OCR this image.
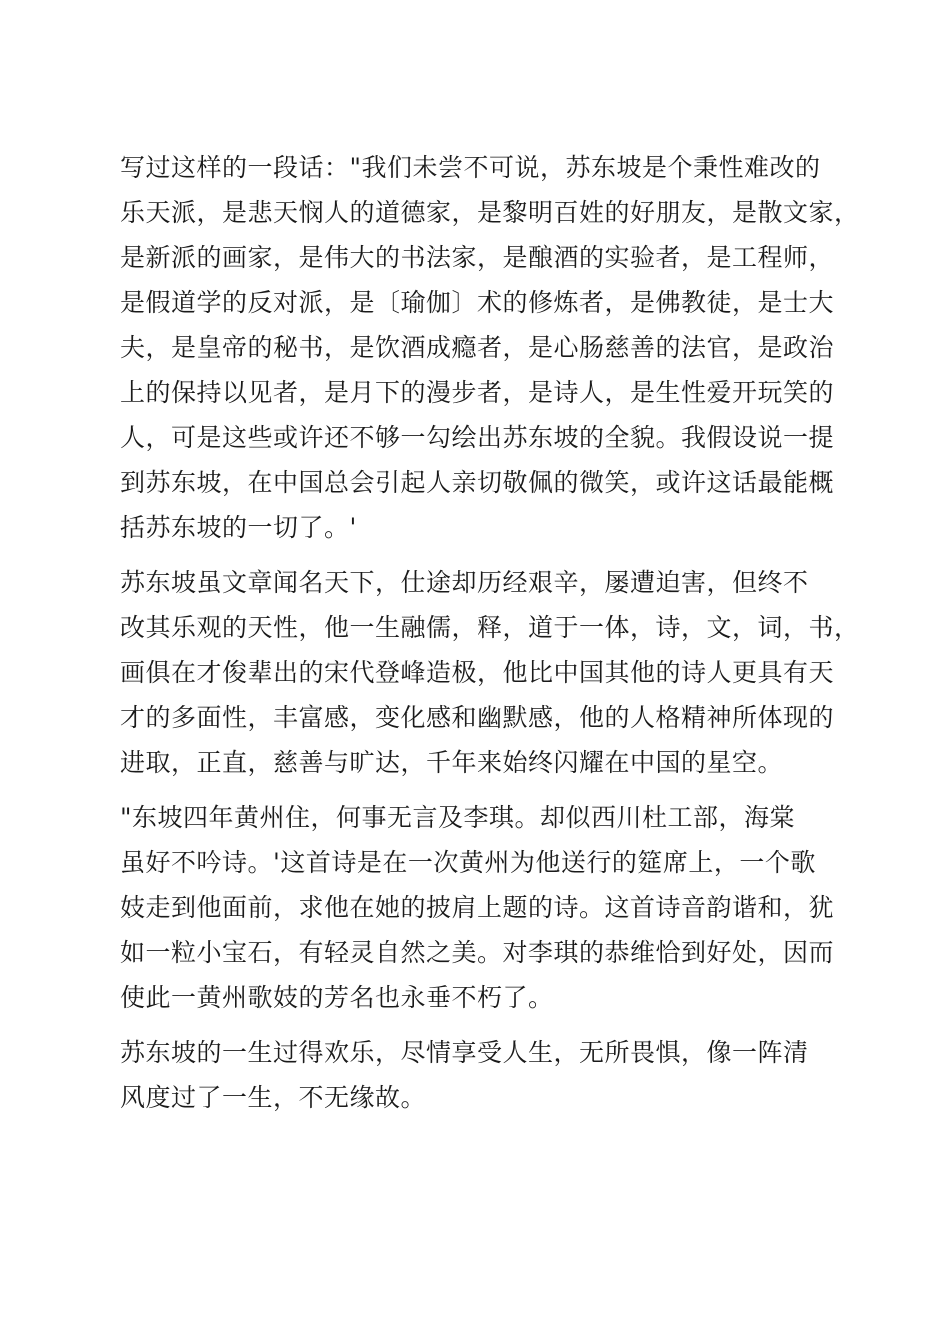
写过这样的一段话："我们未尝不可说，苏东坡是个秉性难改的
乐天派，是悲天悯人的道德家，是黎明百姓的好朋友，是散文家，
是新派的画家，是伟大的书法家，是酿酒的实验者，是工程师，
是假道学的反对派，是〔瑜伽〕术的修炼者，是佛教徒，是士大
夫，是皇帝的秘书，是饮酒成瘾者，是心肠慈善的法官，是政治
上的保持以见者，是月下的漫步者，是诗人，是生性爱开玩笑的
人，可是这些或许还不够一勾绘出苏东坡的全貌。我假设说一提
到苏东坡，在中国总会引起人亲切敬佩的微笑，或许这话最能概
括苏东坡的一切了。'
苏东坡虽文章闻名天下，仕途却历经艰辛，屡遭迫害，但终不
改其乐观的天性，他一生融儒，释，道于一体，诗，文，词，书，
画俱在才俊辈出的宋代登峰造极，他比中国其他的诗人更具有天
才的多面性，丰富感，变化感和幽默感，他的人格精神所体现的
进取，正直，慈善与旷达，千年来始终闪耀在中国的星空。
"东坡四年黄州住，何事无言及李琪。却似西川杜工部，海棠
虽好不吟诗。'这首诗是在一次黄州为他送行的筵席上，一个歌
妓走到他面前，求他在她的披肩上题的诗。这首诗音韵谐和，犹
如一粒小宝石，有轻灵自然之美。对李琪的恭维恰到好处，因而
使此一黄州歌妓的芳名也永垂不朽了。
苏东坡的一生过得欢乐，尽情享受人生，无所畏惧，像一阵清
风度过了一生，不无缘故。
